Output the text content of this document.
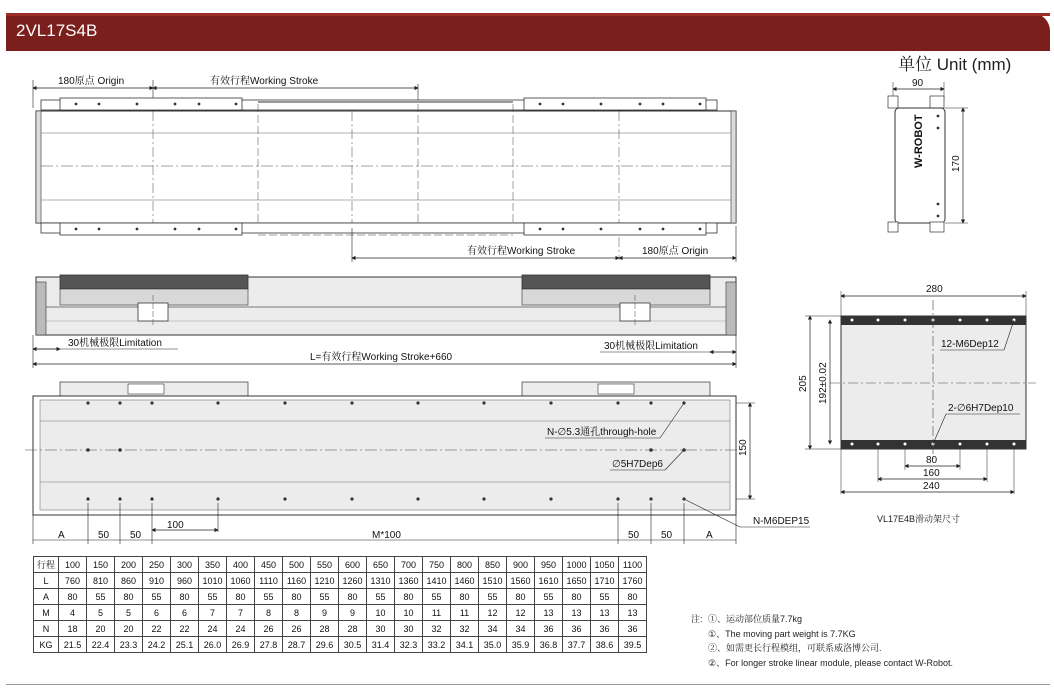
2VL17S4B
单位 Unit (mm)
180原点 Origin	有效行程Working Stroke
有效行程Working Stroke	180原点 Origin
30机械极限Limitation	30机械极限Limitation
L=有效行程Working Stroke+660
150
N-∅5.3通孔through-hole
∅5H7Dep6
N-M6DEP15
A	50 50
100
M*100	50 50	A
90
W-ROBOT	170
280
205 192±0.02
12-M6Dep12
2-∅6H7Dep10
80
160
240
VL17E4B滑动架尺寸
行程	100	150	200	250	300	350	400	450	500	550	600	650	700	750	800	850	900	950	1000	1050	1100
L	760	810	860	910	960	1010	1060	1110	1160	1210	1260	1310	1360	1410	1460	1510	1560	1610	1650	1710	1760
A	80	55	80	55	80	55	80	55	80	55	80	55	80	55	80	55	80	55	80	55	80
M	4	5	5	6	6	7	7	8	8	9	9	10	10	11	11	12	12	13	13	13	13
N	18	20	20	22	22	24	24	26	26	28	28	30	30	32	32	34	34	36	36	36	36
KG	21.5	22.4	23.3	24.2	25.1	26.0	26.9	27.8	28.7	29.6	30.5	31.4	32.3	33.2	34.1	35.0	35.9	36.8	37.7	38.6	39.5
注: ①、运动部位质量7.7kg
①、The moving part weight is 7.7KG
②、如需更长行程模组，可联系威洛博公司.
②、For longer stroke linear module, please contact W-Robot.
